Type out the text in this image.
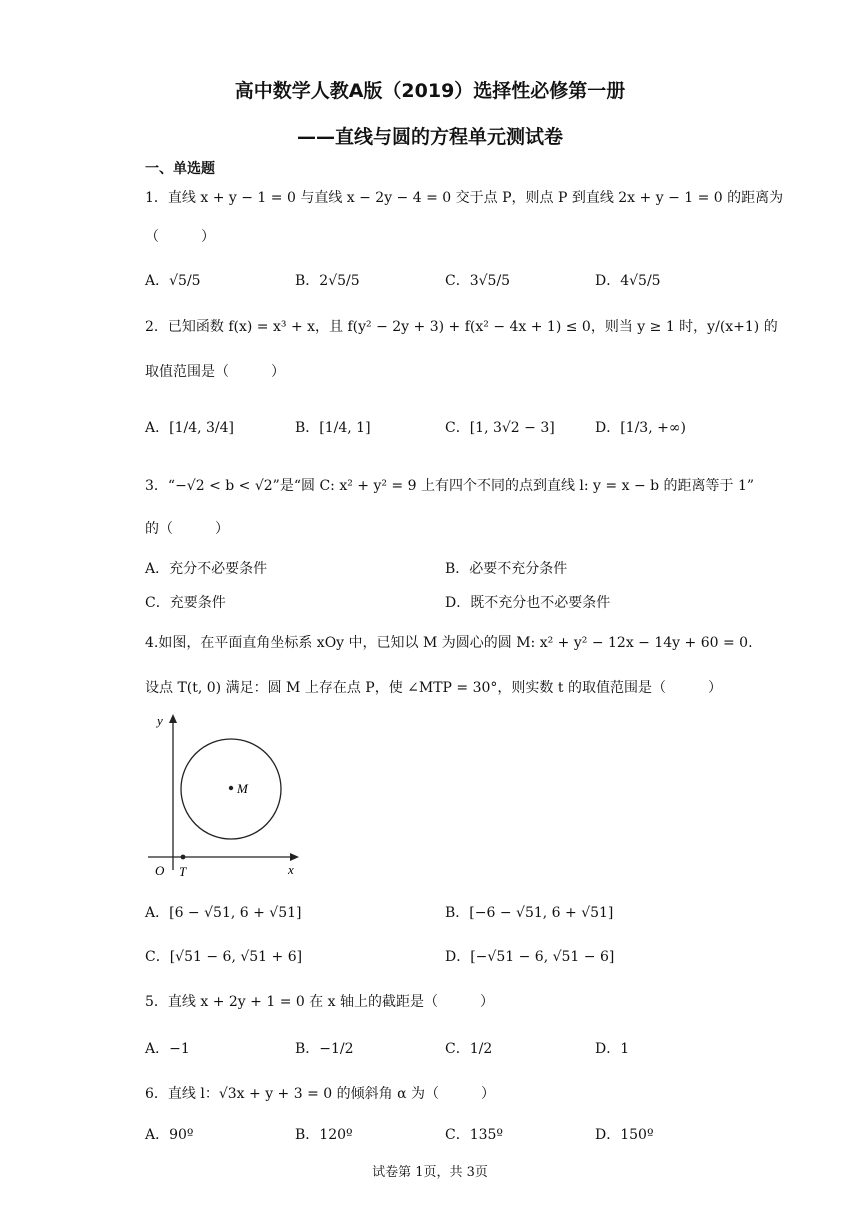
高中数学人教A版（2019）选择性必修第一册
——直线与圆的方程单元测试卷
一、单选题
1．直线 x + y − 1 = 0 与直线 x − 2y − 4 = 0 交于点 P，则点 P 到直线 2x + y − 1 = 0 的距离为
（　　　）
A．√5/5	B．2√5/5	C．3√5/5	D．4√5/5
2．已知函数 f(x) = x³ + x，且 f(y² − 2y + 3) + f(x² − 4x + 1) ≤ 0，则当 y ≥ 1 时，y/(x+1) 的
取值范围是（　　　）
A．[1/4, 3/4]	B．[1/4, 1]	C．[1, 3√2 − 3]	D．[1/3, +∞)
3．“−√2 < b < √2”是“圆 C: x² + y² = 9 上有四个不同的点到直线 l: y = x − b 的距离等于 1”
的（　　　）
A．充分不必要条件	B．必要不充分条件
C．充要条件	D．既不充分也不必要条件
4.如图，在平面直角坐标系 xOy 中，已知以 M 为圆心的圆 M: x² + y² − 12x − 14y + 60 = 0.
设点 T(t, 0) 满足：圆 M 上存在点 P，使 ∠MTP = 30°，则实数 t 的取值范围是（　　　）
y
x
O T
M
A．[6 − √51, 6 + √51]	B．[−6 − √51, 6 + √51]
C．[√51 − 6, √51 + 6]	D．[−√51 − 6, √51 − 6]
5．直线 x + 2y + 1 = 0 在 x 轴上的截距是（　　　）
A．−1	B．−1/2	C．1/2	D．1
6．直线 l：√3x + y + 3 = 0 的倾斜角 α 为（　　　）
A．90º	B．120º	C．135º	D．150º
试卷第 1页，共 3页
